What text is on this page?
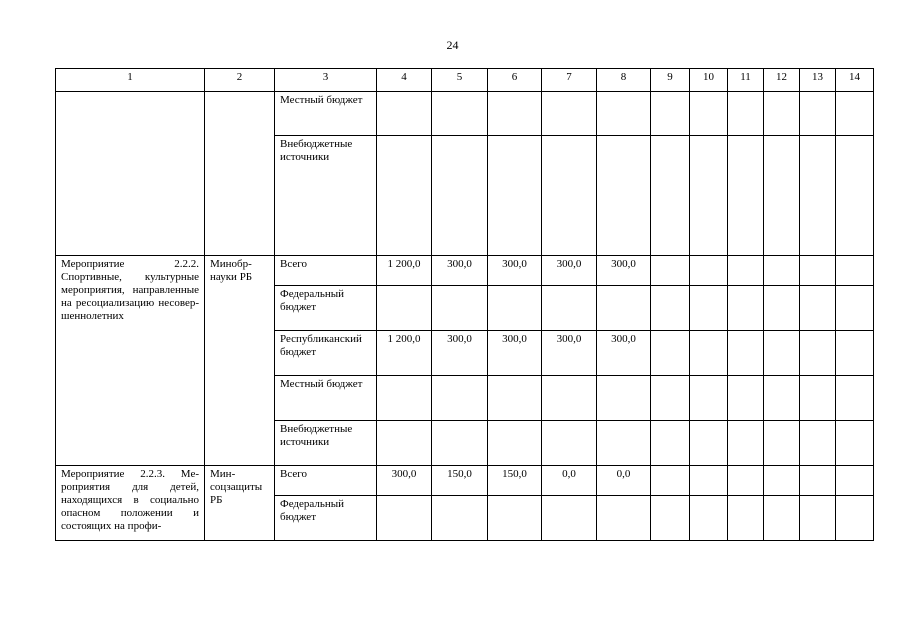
24
1	2	3	4	5	6	7	8	9	10	11	12	13	14
		Местный бюджет											
		Внебюджетные источники											
Мероприятие 2.2.2. Спортивные, культурные мероприятия, направленные на ресоциализацию несовершеннолетних	Минобрнауки РБ	Всего	1 200,0	300,0	300,0	300,0	300,0						
		Федеральный бюджет											
		Республиканский бюджет	1 200,0	300,0	300,0	300,0	300,0						
		Местный бюджет											
		Внебюджетные источники											
Мероприятие 2.2.3. Мероприятия для детей, находящихся в социально опасном положении и состоящих на профи-	Минсоцзащиты РБ	Всего	300,0	150,0	150,0	0,0	0,0						
		Федеральный бюджет											
